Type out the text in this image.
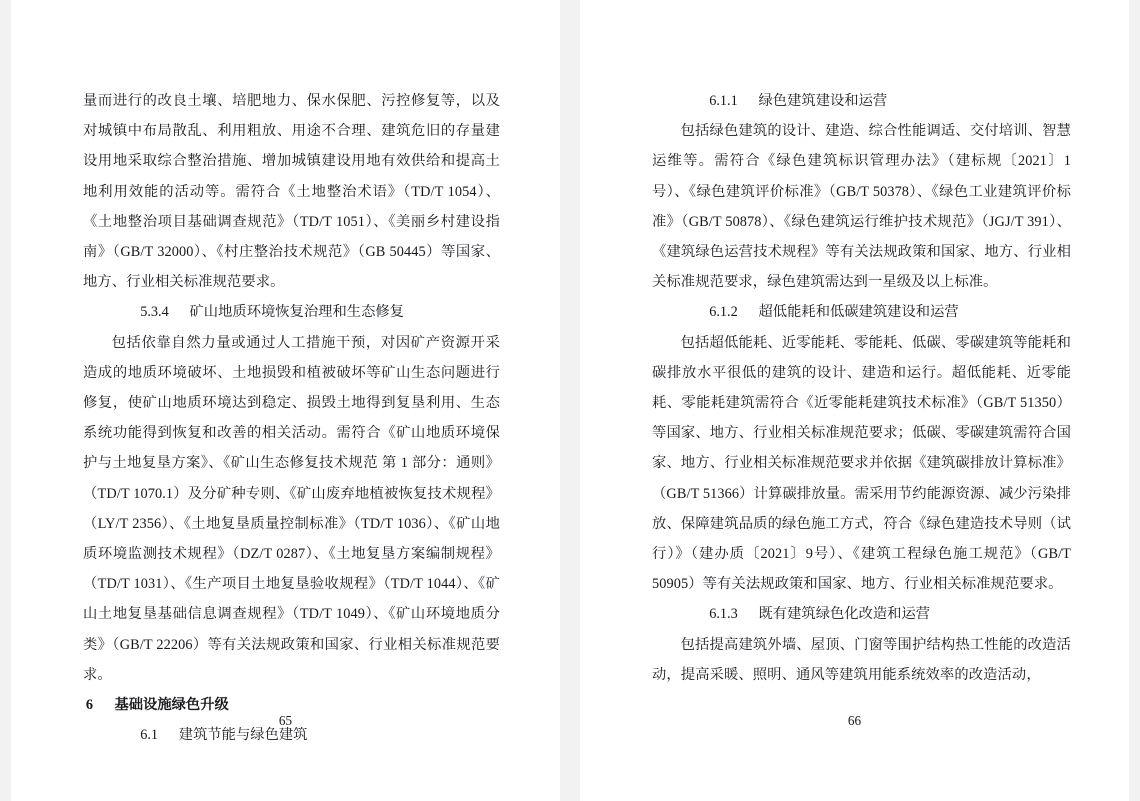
量而进行的改良土壤、培肥地力、保水保肥、污控修复等，以及对城镇中布局散乱、利用粗放、用途不合理、建筑危旧的存量建设用地采取综合整治措施、增加城镇建设用地有效供给和提高土地利用效能的活动等。需符合《土地整治术语》（TD/T 1054）、《土地整治项目基础调查规范》（TD/T 1051）、《美丽乡村建设指南》（GB/T 32000）、《村庄整治技术规范》（GB 50445）等国家、地方、行业相关标准规范要求。

5.3.4 矿山地质环境恢复治理和生态修复

包括依靠自然力量或通过人工措施干预，对因矿产资源开采造成的地质环境破坏、土地损毁和植被破坏等矿山生态问题进行修复，使矿山地质环境达到稳定、损毁土地得到复垦利用、生态系统功能得到恢复和改善的相关活动。需符合《矿山地质环境保护与土地复垦方案》、《矿山生态修复技术规范 第 1 部分：通则》（TD/T 1070.1）及分矿种专则、《矿山废弃地植被恢复技术规程》（LY/T 2356）、《土地复垦质量控制标准》（TD/T 1036）、《矿山地质环境监测技术规程》（DZ/T 0287）、《土地复垦方案编制规程》（TD/T 1031）、《生产项目土地复垦验收规程》（TD/T 1044）、《矿山土地复垦基础信息调查规程》（TD/T 1049）、《矿山环境地质分类》（GB/T 22206）等有关法规政策和国家、行业相关标准规范要求。

6 基础设施绿色升级
6.1 建筑节能与绿色建筑
65
6.1.1 绿色建筑建设和运营

包括绿色建筑的设计、建造、综合性能调适、交付培训、智慧运维等。需符合《绿色建筑标识管理办法》（建标规〔2021〕1号）、《绿色建筑评价标准》（GB/T 50378）、《绿色工业建筑评价标准》（GB/T 50878）、《绿色建筑运行维护技术规范》（JGJ/T 391）、《建筑绿色运营技术规程》等有关法规政策和国家、地方、行业相关标准规范要求，绿色建筑需达到一星级及以上标准。

6.1.2 超低能耗和低碳建筑建设和运营

包括超低能耗、近零能耗、零能耗、低碳、零碳建筑等能耗和碳排放水平很低的建筑的设计、建造和运行。超低能耗、近零能耗、零能耗建筑需符合《近零能耗建筑技术标准》（GB/T 51350）等国家、地方、行业相关标准规范要求；低碳、零碳建筑需符合国家、地方、行业相关标准规范要求并依据《建筑碳排放计算标准》（GB/T 51366）计算碳排放量。需采用节约能源资源、减少污染排放、保障建筑品质的绿色施工方式，符合《绿色建造技术导则（试行）》（建办质〔2021〕9号）、《建筑工程绿色施工规范》（GB/T 50905）等有关法规政策和国家、地方、行业相关标准规范要求。

6.1.3 既有建筑绿色化改造和运营

包括提高建筑外墙、屋顶、门窗等围护结构热工性能的改造活动，提高采暖、照明、通风等建筑用能系统效率的改造活动，

66
